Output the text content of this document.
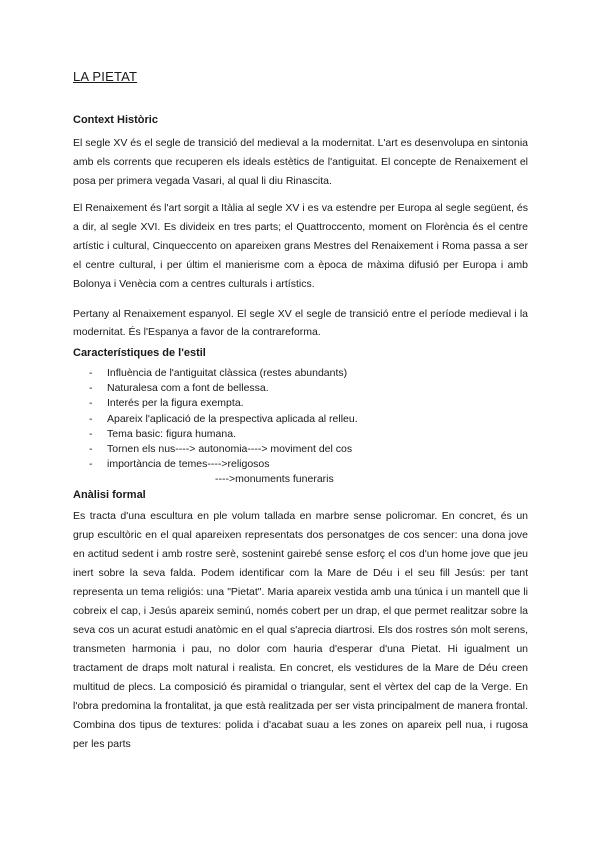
LA PIETAT
Context Històric
El segle XV és el segle de transició del medieval a la modernitat. L'art es desenvolupa en sintonia amb els corrents que recuperen els ideals estètics de l'antiguitat. El concepte de Renaixement el posa per primera vegada Vasari, al qual li diu Rinascita.
El Renaixement és l'art sorgit a Itàlia al segle XV i es va estendre per Europa al segle següent, és a dir, al segle XVI. Es divideix en tres parts; el Quattroccento, moment on Florència és el centre artístic i cultural, Cinqueccento on apareixen grans Mestres del Renaixement i Roma passa a ser el centre cultural, i per últim el manierisme com a època de màxima difusió per Europa i amb Bolonya i Venècia com a centres culturals i artístics.
Pertany al Renaixement espanyol. El segle XV el segle de transició entre el període medieval i la modernitat. És l'Espanya a favor de la contrareforma.
Característiques de l'estil
- Influència de l'antiguitat clàssica (restes abundants)
- Naturalesa com a font de bellessa.
- Interés per la figura exempta.
- Apareix l'aplicació de la prespectiva aplicada al relleu.
- Tema basic: figura humana.
- Tornen els nus----> autonomia----> moviment del cos
- importància de temes---->religosos
---->monuments funeraris
Anàlisi formal
Es tracta d'una escultura en ple volum tallada en marbre sense policromar. En concret, és un grup escultòric en el qual apareixen representats dos personatges de cos sencer: una dona jove en actitud sedent i amb rostre serè, sostenint gairebé sense esforç el cos d'un home jove que jeu inert sobre la seva falda. Podem identificar com la Mare de Déu i el seu fill Jesús: per tant representa un tema religiós: una "Pietat". Maria apareix vestida amb una túnica i un mantell que li cobreix el cap, i Jesús apareix seminú, només cobert per un drap, el que permet realitzar sobre la seva cos un acurat estudi anatòmic en el qual s'aprecia diartrosi. Els dos rostres són molt serens, transmeten harmonia i pau, no dolor com hauria d'esperar d'una Pietat. Hi igualment un tractament de draps molt natural i realista. En concret, els vestidures de la Mare de Déu creen multitud de plecs. La composició és piramidal o triangular, sent el vèrtex del cap de la Verge. En l'obra predomina la frontalitat, ja que està realitzada per ser vista principalment de manera frontal. Combina dos tipus de textures: polida i d'acabat suau a les zones on apareix pell nua, i rugosa per les parts
